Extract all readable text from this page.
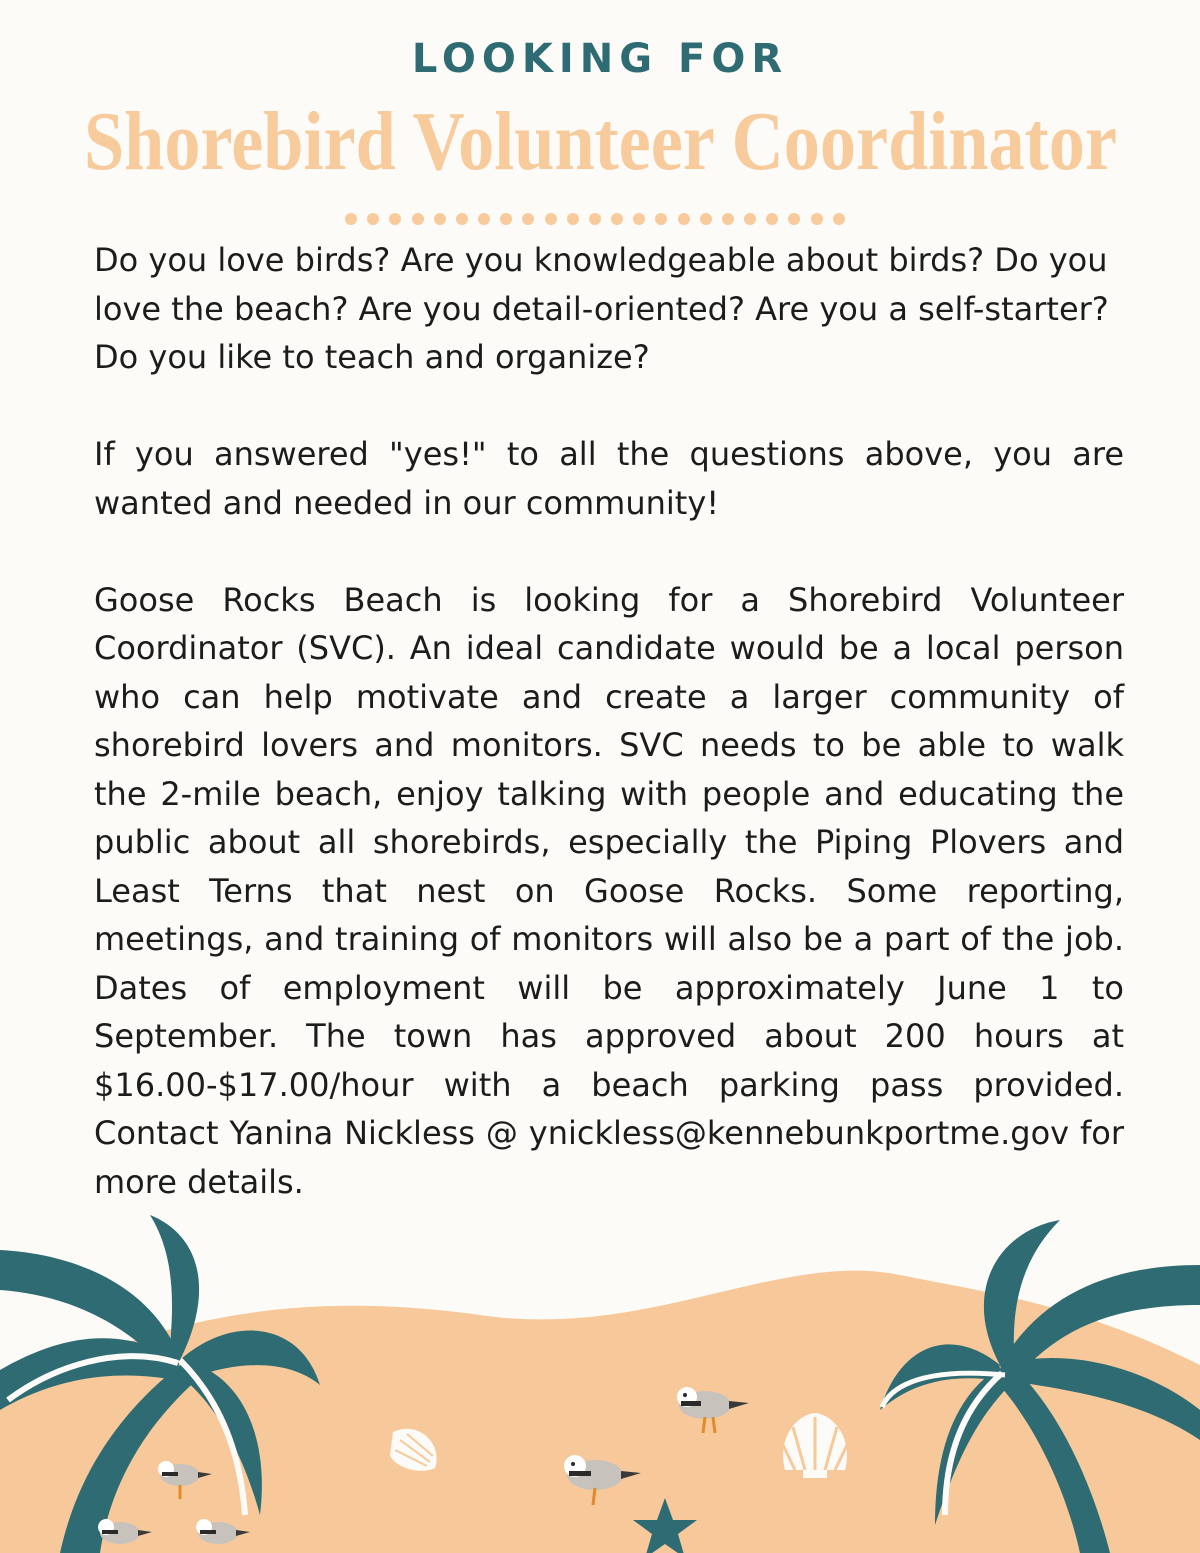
LOOKING FOR
Shorebird Volunteer Coordinator

Do you love birds? Are you knowledgeable about birds? Do you love the beach? Are you detail-oriented? Are you a self-starter? Do you like to teach and organize?

If you answered "yes!" to all the questions above, you are wanted and needed in our community!

Goose Rocks Beach is looking for a Shorebird Volunteer Coordinator (SVC). An ideal candidate would be a local person who can help motivate and create a larger community of shorebird lovers and monitors. SVC needs to be able to walk the 2-mile beach, enjoy talking with people and educating the public about all shorebirds, especially the Piping Plovers and Least Terns that nest on Goose Rocks. Some reporting, meetings, and training of monitors will also be a part of the job. Dates of employment will be approximately June 1 to September. The town has approved about 200 hours at $16.00-$17.00/hour with a beach parking pass provided. Contact Yanina Nickless @ ynickless@kennebunkportme.gov for more details.
